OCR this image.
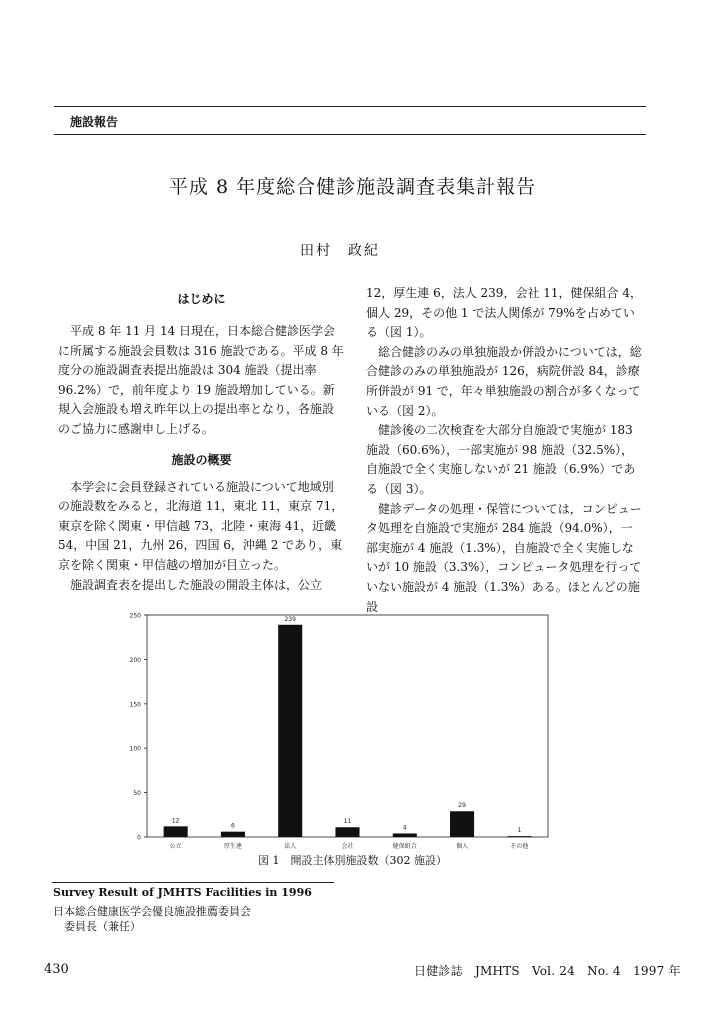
施設報告
平成 8 年度総合健診施設調査表集計報告
田村　政紀
はじめに

平成 8 年 11 月 14 日現在，日本総合健診医学会に所属する施設会員数は 316 施設である。平成 8 年度分の施設調査表提出施設は 304 施設（提出率 96.2%）で，前年度より 19 施設増加している。新規入会施設も増え昨年以上の提出率となり，各施設のご協力に感謝申し上げる。

施設の概要

本学会に会員登録されている施設について地域別の施設数をみると，北海道 11，東北 11，東京 71，東京を除く関東・甲信越 73，北陸・東海 41，近畿 54，中国 21，九州 26，四国 6，沖縄 2 であり，東京を除く関東・甲信越の増加が目立った。

施設調査表を提出した施設の開設主体は，公立

12，厚生連 6，法人 239，会社 11，健保組合 4，個人 29，その他 1 で法人関係が 79%を占めている（図 1）。

総合健診のみの単独施設か併設かについては，総合健診のみの単独施設が 126，病院併設 84，診療所併設が 91 で，年々単独施設の割合が多くなっている（図 2）。

健診後の二次検査を大部分自施設で実施が 183 施設（60.6%），一部実施が 98 施設（32.5%），自施設で全く実施しないが 21 施設（6.9%）である（図 3）。

健診データの処理・保管については，コンピュータ処理を自施設で実施が 284 施設（94.0%），一部実施が 4 施設（1.3%），自施設で全く実施しないが 10 施設（3.3%），コンピュータ処理を行っていない施設が 4 施設（1.3%）ある。ほとんどの施設

0
50
100
150
200
250
12
公立
6
厚生連
239
法人
11
会社
4
健保組合
29
個人
1
その他
図 1　開設主体別施設数（302 施設）
Survey Result of JMHTS Facilities in 1996
日本総合健康医学会優良施設推薦委員会
委員長（兼任）
430	日健診誌　JMHTS　Vol. 24　No. 4　1997 年
